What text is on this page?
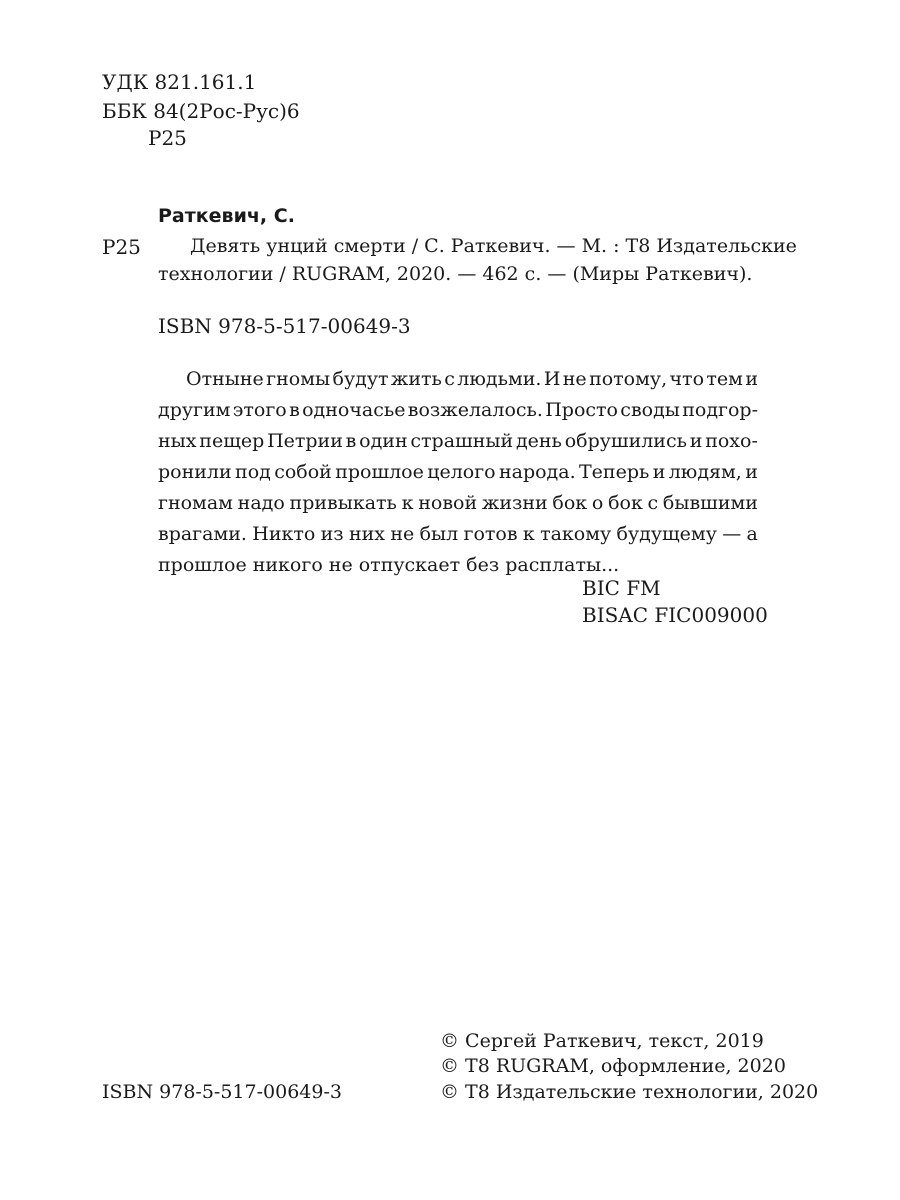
УДК 821.161.1
ББК 84(2Рос-Рус)6
Р25
Раткевич, С.
Р25	Девять унций смерти / С. Раткевич. — М. : Т8 Издательские
технологии / RUGRAM, 2020. — 462 с. — (Миры Раткевич).
ISBN 978-5-517-00649-3
Отныне гномы будут жить с людьми. И не потому, что тем и
другим этого в одночасье возжелалось. Просто своды подгор-
ных пещер Петрии в один страшный день обрушились и похо-
ронили под собой прошлое целого народа. Теперь и людям, и
гномам надо привыкать к новой жизни бок о бок с бывшими
врагами. Никто из них не был готов к такому будущему — а
прошлое никого не отпускает без расплаты...
BIC FM
BISAC FIC009000
© Сергей Раткевич, текст, 2019
© Т8 RUGRAM, оформление, 2020
ISBN 978-5-517-00649-3	© Т8 Издательские технологии, 2020
